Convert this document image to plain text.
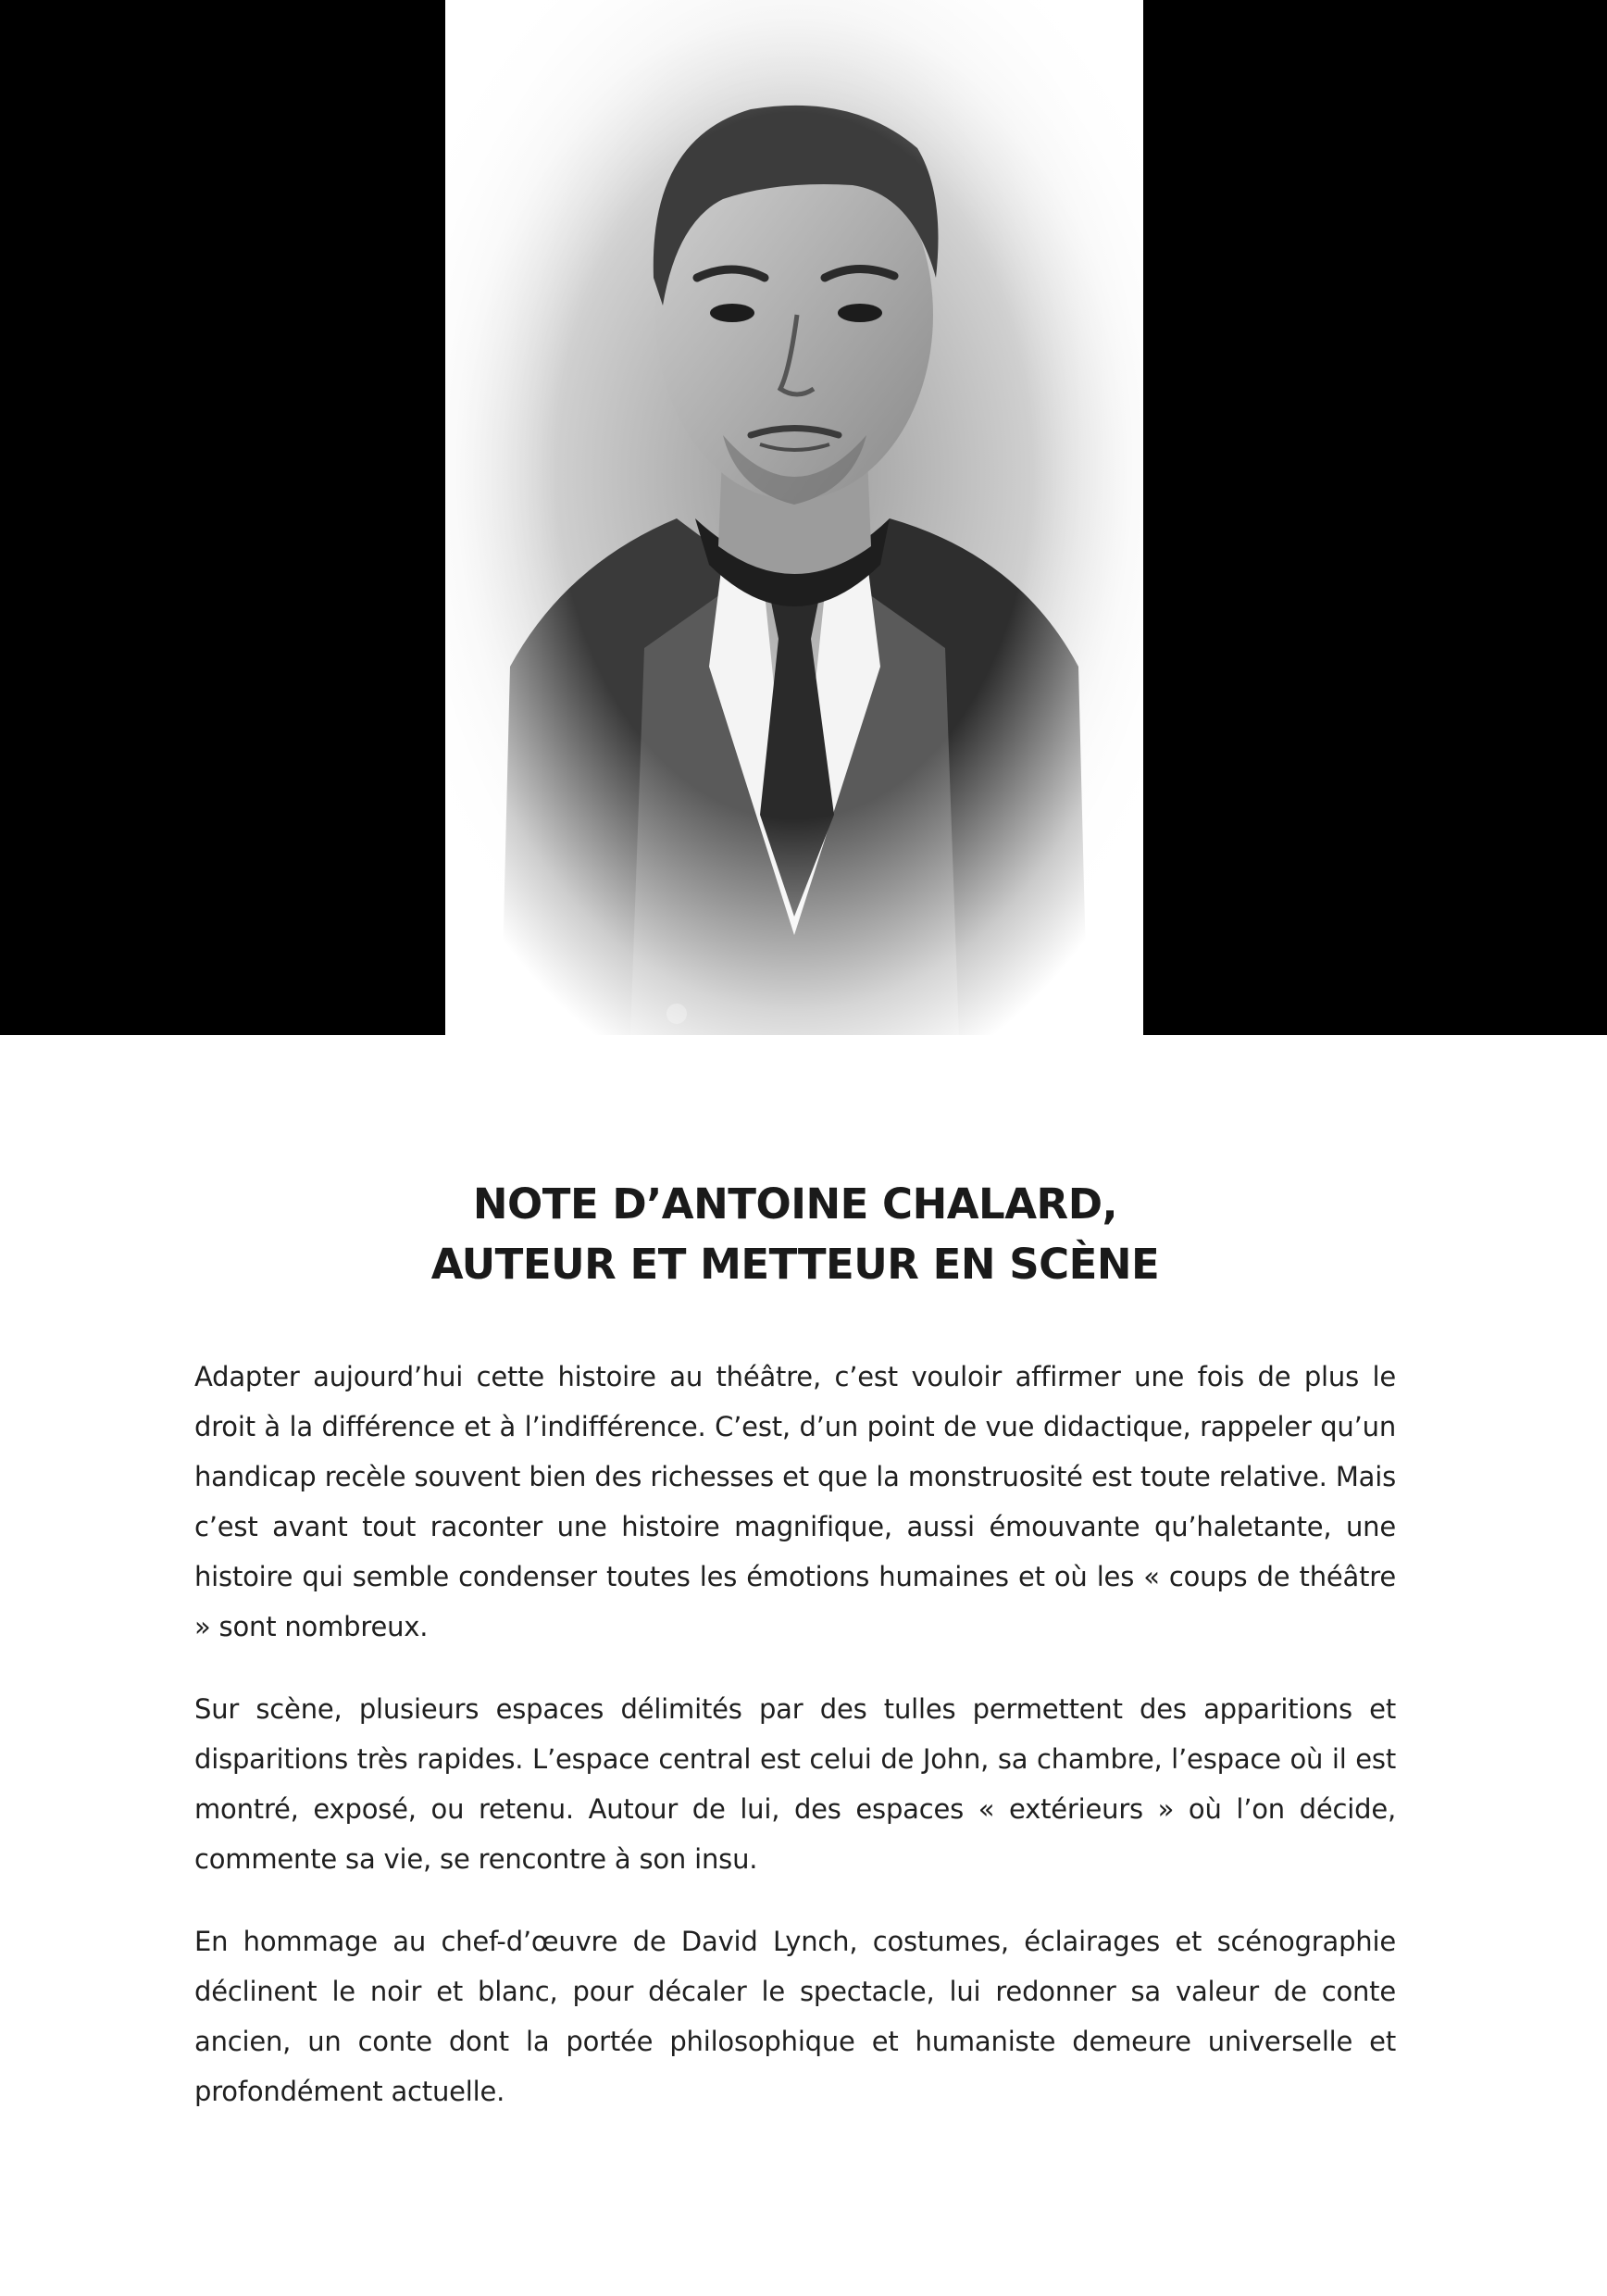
NOTE D’ANTOINE CHALARD,
AUTEUR ET METTEUR EN SCÈNE

Adapter aujourd’hui cette histoire au théâtre, c’est vouloir affirmer une fois de plus le droit à la différence et à l’indifférence. C’est, d’un point de vue didactique, rappeler qu’un handicap recèle souvent bien des richesses et que la monstruosité est toute relative. Mais c’est avant tout raconter une histoire magnifique, aussi émouvante qu’haletante, une histoire qui semble condenser toutes les émotions humaines et où les « coups de théâtre » sont nombreux.

Sur scène, plusieurs espaces délimités par des tulles permettent des apparitions et disparitions très rapides. L’espace central est celui de John, sa chambre, l’espace où il est montré, exposé, ou retenu. Autour de lui, des espaces « extérieurs » où l’on décide, commente sa vie, se rencontre à son insu.

En hommage au chef-d’œuvre de David Lynch, costumes, éclairages et scénographie déclinent le noir et blanc, pour décaler le spectacle, lui redonner sa valeur de conte ancien, un conte dont la portée philosophique et humaniste demeure universelle et profondément actuelle.
